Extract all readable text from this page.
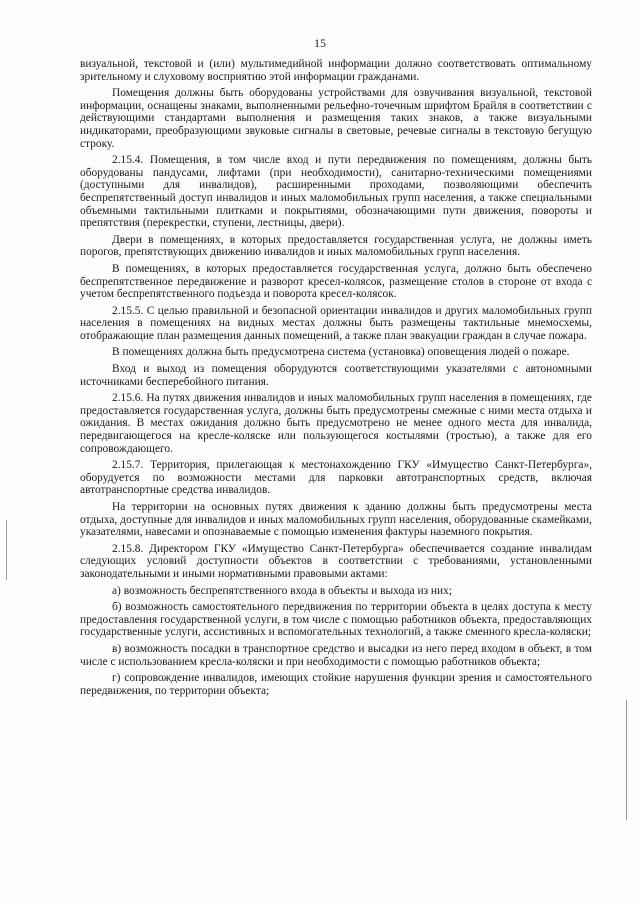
15

визуальной, текстовой и (или) мультимедийной информации должно соответствовать оптимальному зрительному и слуховому восприятию этой информации гражданами.

Помещения должны быть оборудованы устройствами для озвучивания визуальной, текстовой информации, оснащены знаками, выполненными рельефно-точечным шрифтом Брайля в соответствии с действующими стандартами выполнения и размещения таких знаков, а также визуальными индикаторами, преобразующими звуковые сигналы в световые, речевые сигналы в текстовую бегущую строку.

2.15.4. Помещения, в том числе вход и пути передвижения по помещениям, должны быть оборудованы пандусами, лифтами (при необходимости), санитарно-техническими помещениями (доступными для инвалидов), расширенными проходами, позволяющими обеспечить беспрепятственный доступ инвалидов и иных маломобильных групп населения, а также специальными объемными тактильными плитками и покрытиями, обозначающими пути движения, повороты и препятствия (перекрестки, ступени, лестницы, двери).

Двери в помещениях, в которых предоставляется государственная услуга, не должны иметь порогов, препятствующих движению инвалидов и иных маломобильных групп населения.

В помещениях, в которых предоставляется государственная услуга, должно быть обеспечено беспрепятственное передвижение и разворот кресел-колясок, размещение столов в стороне от входа с учетом беспрепятственного подъезда и поворота кресел-колясок.

2.15.5. С целью правильной и безопасной ориентации инвалидов и других маломобильных групп населения в помещениях на видных местах должны быть размещены тактильные мнемосхемы, отображающие план размещения данных помещений, а также план эвакуации граждан в случае пожара.

В помещениях должна быть предусмотрена система (установка) оповещения людей о пожаре.

Вход и выход из помещения оборудуются соответствующими указателями с автономными источниками бесперебойного питания.

2.15.6. На путях движения инвалидов и иных маломобильных групп населения в помещениях, где предоставляется государственная услуга, должны быть предусмотрены смежные с ними места отдыха и ожидания. В местах ожидания должно быть предусмотрено не менее одного места для инвалида, передвигающегося на кресле-коляске или пользующегося костылями (тростью), а также для его сопровождающего.

2.15.7. Территория, прилегающая к местонахождению ГКУ «Имущество Санкт-Петербурга», оборудуется по возможности местами для парковки автотранспортных средств, включая автотранспортные средства инвалидов.

На территории на основных путях движения к зданию должны быть предусмотрены места отдыха, доступные для инвалидов и иных маломобильных групп населения, оборудованные скамейками, указателями, навесами и опознаваемые с помощью изменения фактуры наземного покрытия.

2.15.8. Директором ГКУ «Имущество Санкт-Петербурга» обеспечивается создание инвалидам следующих условий доступности объектов в соответствии с требованиями, установленными законодательными и иными нормативными правовыми актами:

а) возможность беспрепятственного входа в объекты и выхода из них;

б) возможность самостоятельного передвижения по территории объекта в целях доступа к месту предоставления государственной услуги, в том числе с помощью работников объекта, предоставляющих государственные услуги, ассистивных и вспомогательных технологий, а также сменного кресла-коляски;

в) возможность посадки в транспортное средство и высадки из него перед входом в объект, в том числе с использованием кресла-коляски и при необходимости с помощью работников объекта;

г) сопровождение инвалидов, имеющих стойкие нарушения функции зрения и самостоятельного передвижения, по территории объекта;
